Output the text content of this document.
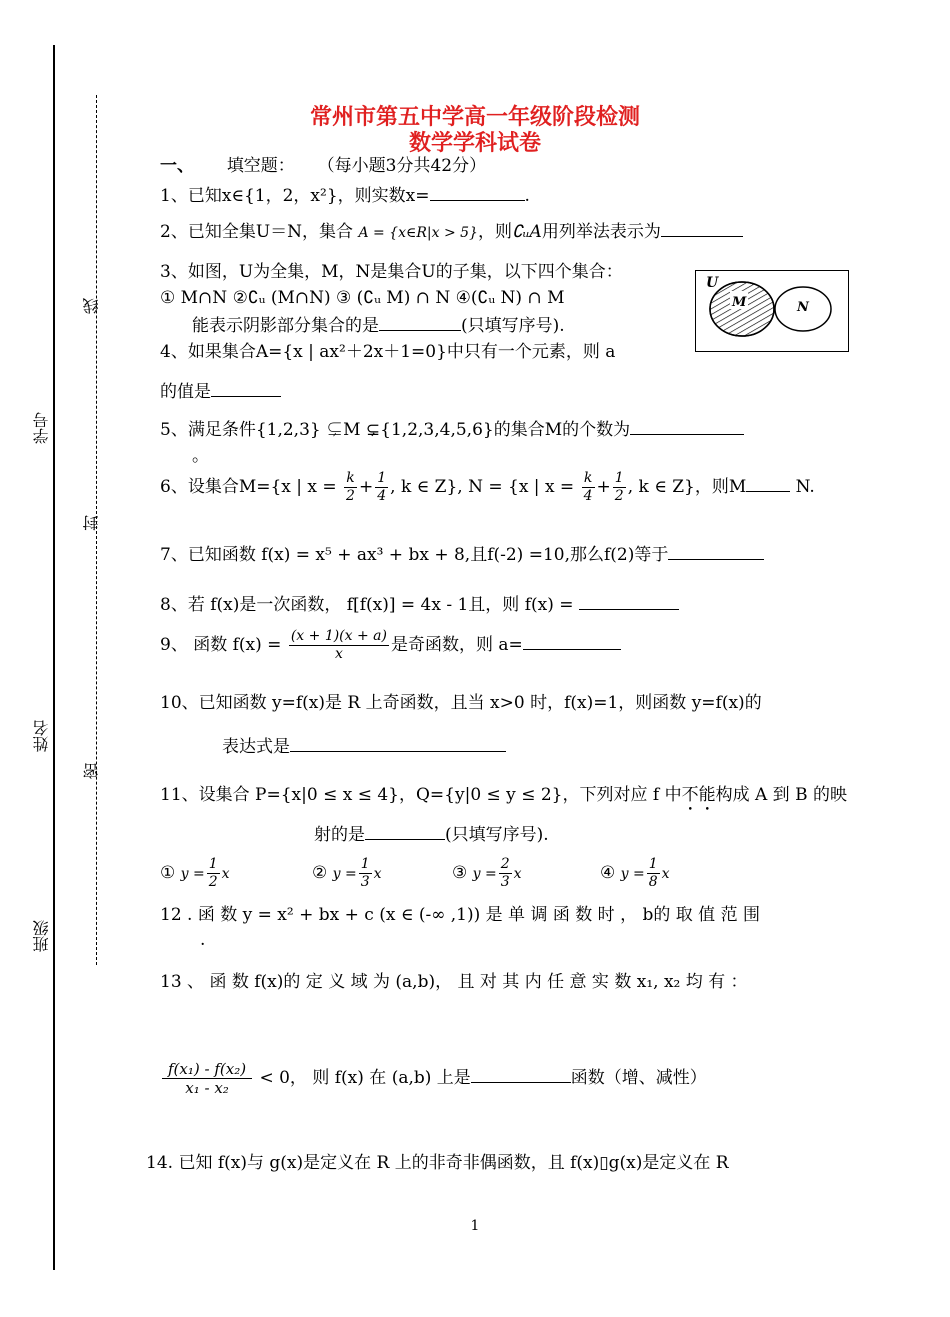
班级
姓名
学号
线
封
密
常州市第五中学高一年级阶段检测
数学学科试卷
一、 填空题： （每小题3分共42分）
1、已知x∈{1，2，x²}，则实数x=	.
2、已知全集U＝N，集合 A = {x∈R|x > 5}，则∁ᵤA用列举法表示为
3、如图，U为全集，M，N是集合U的子集，以下四个集合：
① M∩N ②∁ᵤ (M∩N) ③ (∁ᵤ M) ∩ N ④(∁ᵤ N) ∩ M
能表示阴影部分集合的是	(只填写序号).
U
M	N
4、如果集合A={x | ax²＋2x＋1=0}中只有一个元素，则 a
的值是
5、满足条件{1,2,3} ⊊M ⊊{1,2,3,4,5,6}的集合M的个数为
。
6、设集合M={x | $x = \frac{k}{2} + \frac{1}{4}$ , k ∈ Z}, N = {x | $x = \frac{k}{4} + \frac{1}{2}$ , k ∈ Z}，则M	N.
7、已知函数 f(x) = x⁵ + ax³ + bx + 8,且f(-2) =10,那么f(2)等于
8、若 f(x)是一次函数， f[f(x)] = 4x - 1且，则 f(x) =
9、 函数 $f(x) = \frac{(x + 1)(x + a)}{x}$ 是奇函数，则 a=
10、已知函数 y=f(x)是 R 上奇函数，且当 x>0 时，f(x)=1，则函数 y=f(x)的
表达式是
11、设集合 P={x|0 ≤ x ≤ 4}，Q={y|0 ≤ y ≤ 2}，下列对应 f 中不能构成 A 到 B 的映
射的是	(只填写序号).
① $y = \frac{1}{2}$ x	② $y = \frac{1}{3}$ x	③ $y = \frac{2}{3}$ x	④ $y = \frac{1}{8}$ x
12 . 函 数 y = x² + bx + c (x ∈ (-∞ ,1)) 是 单 调 函 数 时 ， b的 取 值 范 围
.
13 、 函 数 f(x)的 定 义 域 为 (a,b)， 且 对 其 内 任 意 实 数 x₁, x₂ 均 有 ：
$\frac{\text{f(x₁) - f(x₂)}}{\text{x₁ - x₂}} < 0$， 则 f(x) 在 (a,b) 上是	函数（增、减性）
14. 已知 f(x)与 g(x)是定义在 R 上的非奇非偶函数，且 f(x)▯g(x)是定义在 R
1
